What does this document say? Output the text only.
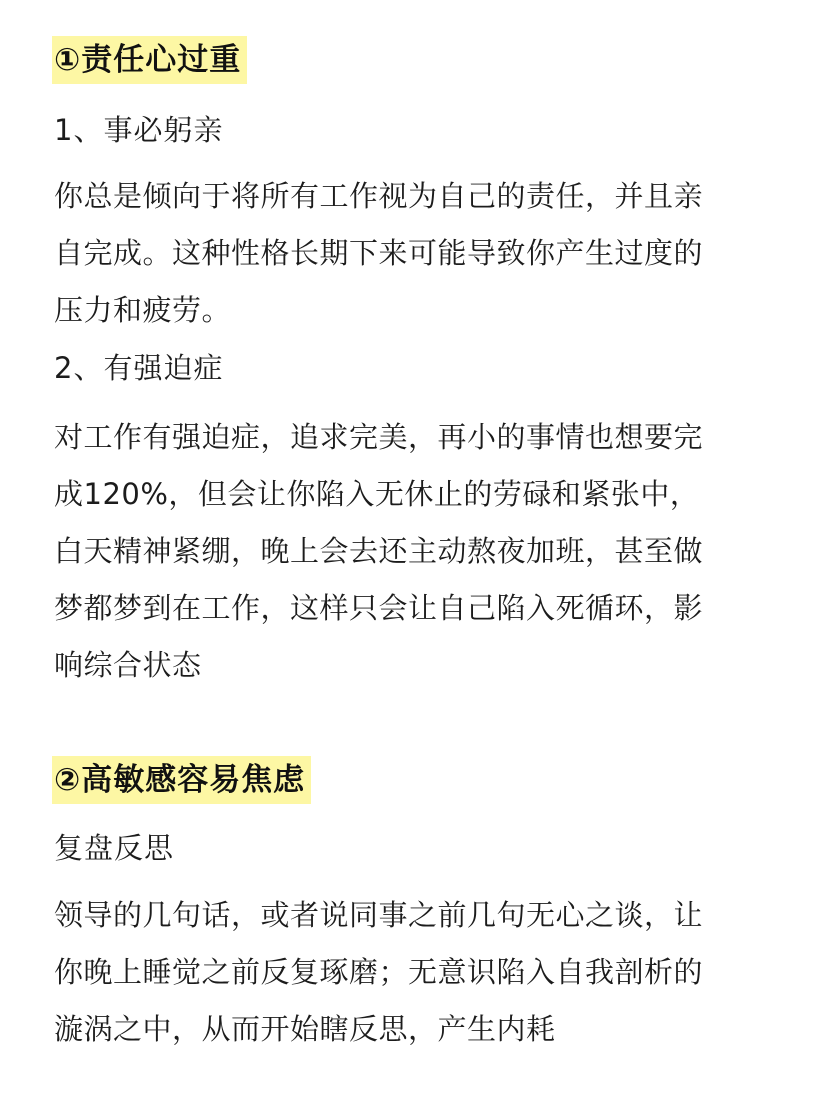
①责任心过重
1、事必躬亲
你总是倾向于将所有工作视为自己的责任，并且亲
自完成。这种性格长期下来可能导致你产生过度的
压力和疲劳。
2、有强迫症
对工作有强迫症，追求完美，再小的事情也想要完
成120%，但会让你陷入无休止的劳碌和紧张中，
白天精神紧绷，晚上会去还主动熬夜加班，甚至做
梦都梦到在工作，这样只会让自己陷入死循环，影
响综合状态
②高敏感容易焦虑
复盘反思
领导的几句话，或者说同事之前几句无心之谈，让
你晚上睡觉之前反复琢磨；无意识陷入自我剖析的
漩涡之中，从而开始瞎反思，产生内耗
